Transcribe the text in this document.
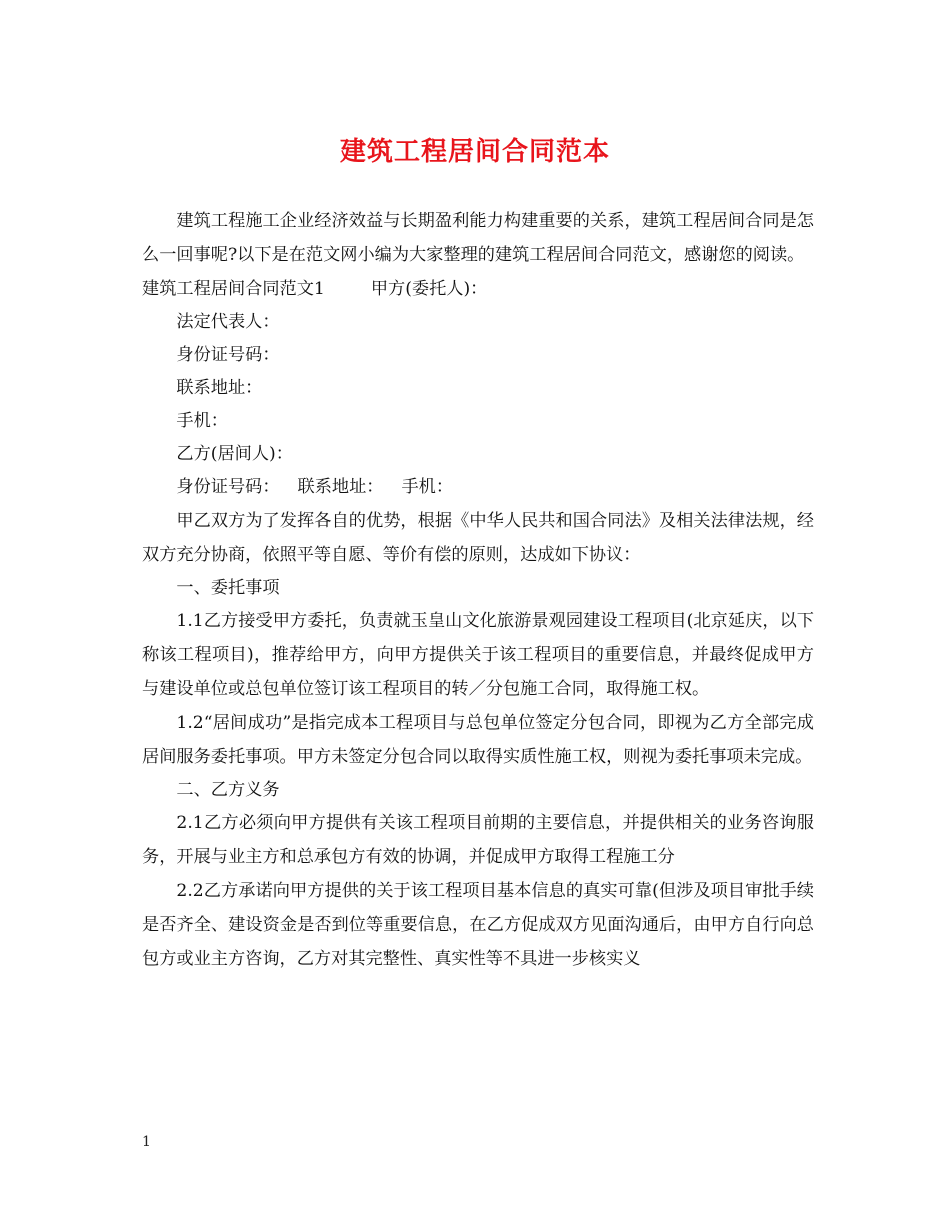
建筑工程居间合同范本

建筑工程施工企业经济效益与长期盈利能力构建重要的关系，建筑工程居间合同是怎么一回事呢?以下是在范文网小编为大家整理的建筑工程居间合同范文，感谢您的阅读。

建筑工程居间合同范文1	甲方(委托人)：

法定代表人：

身份证号码：

联系地址：

手机：

乙方(居间人)：

身份证号码： 联系地址： 手机：

甲乙双方为了发挥各自的优势，根据《中华人民共和国合同法》及相关法律法规，经双方充分协商，依照平等自愿、等价有偿的原则，达成如下协议：

一、委托事项

1.1乙方接受甲方委托，负责就玉皇山文化旅游景观园建设工程项目(北京延庆，以下称该工程项目)，推荐给甲方，向甲方提供关于该工程项目的重要信息，并最终促成甲方与建设单位或总包单位签订该工程项目的转／分包施工合同，取得施工权。

1.2“居间成功”是指完成本工程项目与总包单位签定分包合同，即视为乙方全部完成居间服务委托事项。甲方未签定分包合同以取得实质性施工权，则视为委托事项未完成。

二、乙方义务

2.1乙方必须向甲方提供有关该工程项目前期的主要信息，并提供相关的业务咨询服务，开展与业主方和总承包方有效的协调，并促成甲方取得工程施工分

2.2乙方承诺向甲方提供的关于该工程项目基本信息的真实可靠(但涉及项目审批手续是否齐全、建设资金是否到位等重要信息，在乙方促成双方见面沟通后，由甲方自行向总包方或业主方咨询，乙方对其完整性、真实性等不具进一步核实义

1
